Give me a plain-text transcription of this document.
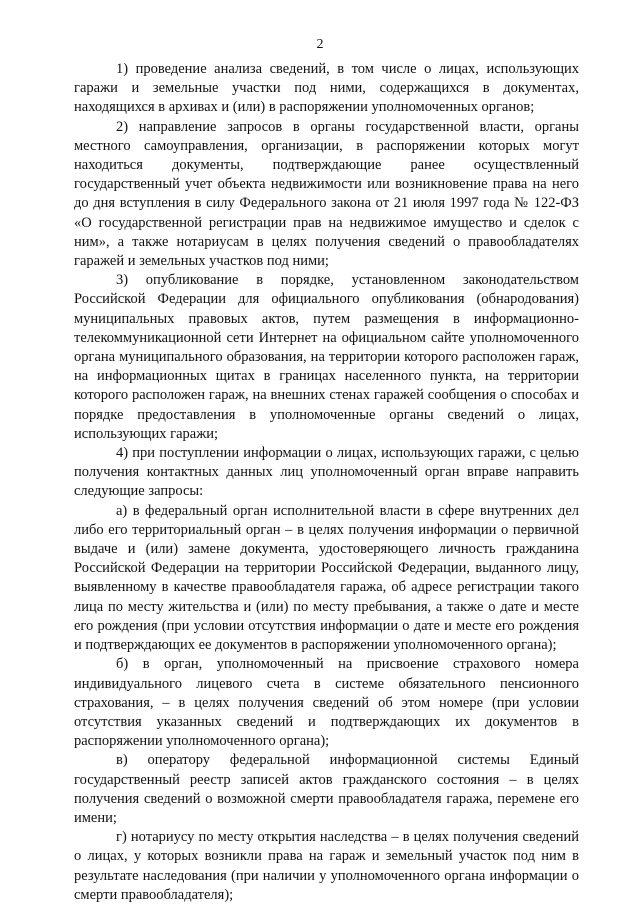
2

1) проведение анализа сведений, в том числе о лицах, использующих гаражи и земельные участки под ними, содержащихся в документах, находящихся в архивах и (или) в распоряжении уполномоченных органов;

2) направление запросов в органы государственной власти, органы местного самоуправления, организации, в распоряжении которых могут находиться документы, подтверждающие ранее осуществленный государственный учет объекта недвижимости или возникновение права на него до дня вступления в силу Федерального закона от 21 июля 1997 года № 122-ФЗ «О государственной регистрации прав на недвижимое имущество и сделок с ним», а также нотариусам в целях получения сведений о правообладателях гаражей и земельных участков под ними;

3) опубликование в порядке, установленном законодательством Российской Федерации для официального опубликования (обнародования) муниципальных правовых актов, путем размещения в информационно-телекоммуникационной сети Интернет на официальном сайте уполномоченного органа муниципального образования, на территории которого расположен гараж, на информационных щитах в границах населенного пункта, на территории которого расположен гараж, на внешних стенах гаражей сообщения о способах и порядке предоставления в уполномоченные органы сведений о лицах, использующих гаражи;

4) при поступлении информации о лицах, использующих гаражи, с целью получения контактных данных лиц уполномоченный орган вправе направить следующие запросы:

а) в федеральный орган исполнительной власти в сфере внутренних дел либо его территориальный орган – в целях получения информации о первичной выдаче и (или) замене документа, удостоверяющего личность гражданина Российской Федерации на территории Российской Федерации, выданного лицу, выявленному в качестве правообладателя гаража, об адресе регистрации такого лица по месту жительства и (или) по месту пребывания, а также о дате и месте его рождения (при условии отсутствия информации о дате и месте его рождения и подтверждающих ее документов в распоряжении уполномоченного органа);

б) в орган, уполномоченный на присвоение страхового номера индивидуального лицевого счета в системе обязательного пенсионного страхования, – в целях получения сведений об этом номере (при условии отсутствия указанных сведений и подтверждающих их документов в распоряжении уполномоченного органа);

в) оператору федеральной информационной системы Единый государственный реестр записей актов гражданского состояния – в целях получения сведений о возможной смерти правообладателя гаража, перемене его имени;

г) нотариусу по месту открытия наследства – в целях получения сведений о лицах, у которых возникли права на гараж и земельный участок под ним в результате наследования (при наличии у уполномоченного органа информации о смерти правообладателя);
